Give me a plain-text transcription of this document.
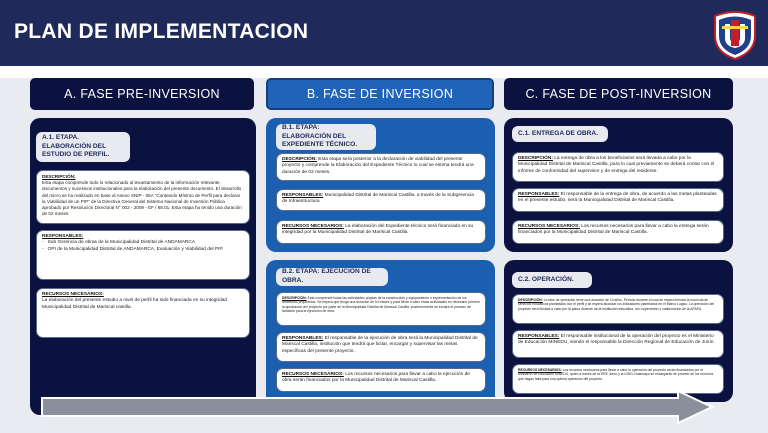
PLAN DE IMPLEMENTACION
A. FASE PRE-INVERSION	B. FASE DE INVERSION	C. FASE DE POST-INVERSION
A.1. ETAPA. ELABORACIÓN DEL ESTUDIO DE PERFIL.
DESCRIPCIÓN:
Esta etapa comprende todo lo relacionado al levantamiento de la información relevante, documentos y sucesivos institucionales para la elaboración del presente documento. El desarrollo del micro se ha realizado en base al Anexo SNIP - 05A "Contenido Mínimo de Perfil para declarar la Viabilidad de un PIP" de la Directiva General del Sistema Nacional de Inversión Pública aprobado por Resolución Directoral N° 002 - 2009 - EF / 68.01. Esta etapa ha tenido una duración de 02 meses.
RESPONSABLES:
- Sub Gerencia de obras de la Municipalidad Distrital de ANDAMARCA
- OPI de la Municipalidad Distrital de ANDAMARCA, Evaluación y Viabilidad del PIP.
RECURSOS NECESARIOS:
La elaboración del presente estudio a nivel de perfil ha sido financiada en su integridad Municipalidad Distrital de Mariscal castilla.
B.1. ETAPA: ELABORACIÓN DEL EXPEDIENTE TÉCNICO.
DESCRIPCIÓN: Esta etapa será posterior a la declaración de viabilidad del presente proyecto y comprende la Elaboración del Expediente Técnico lo cual se estima tendrá una duración de 02 meses.
RESPONSABLES: Municipalidad Distrital de Mariscal Castilla, a través de la Subgerencia de Infraestructura
RECURSOS NECESARIOS: La elaboración del Expediente técnico será financiado en su integridad por la Municipalidad Distrital de Mariscal Castilla.
B.2. ETAPA: EJECUCIÓN DE OBRA.
DESCRIPCIÓN: Esta comprende todas las actividades propias de la construcción y equipamiento e implementación de los ambientes propuestos. Se espera que tenga una duración de 04 meses y para llevar a cabo estas actividades es necesario primero la aprobación del proyecto por parte de la Municipalidad Distrital de Mariscal Castilla, posteriormente se iniciara el proceso de licitación para la ejecución de obra.
RESPONSABLES: El responsable de la ejecución de obra será la Municipalidad Distrital de Mariscal Castilla, institución que tendrá que licitar, encargar y supervisar las metas específicas del presente proyecto.
RECURSOS NECESARIOS: Los recursos necesarios para llevar a cabo la ejecución de obra serán financiados por la Municipalidad Distrital de Mariscal Castilla.
C.1. ENTREGA DE OBRA.
DESCRIPCIÓN: La entrega de obra a los beneficiarios será llevada a cabo por la Municipalidad Distrital de Mariscal Castilla, para lo cual previamente se deberá contar con el informe de conformidad del supervisor y de entrega del residente.
RESPONSABLES: El responsable de la entrega de obra, de acuerdo a las metas planteadas en el presente estudio, será la Municipalidad Distrital de Mariscal Castilla.
RECURSOS NECESARIOS: Los recursos necesarios para llevar a cabo la entrega serán financiados por la Municipalidad Distrital de Mariscal Castilla.
C.2. OPERACIÓN.
DESCRIPCIÓN: La fase de operación tiene una duración de 10 años. Periodo durante el cual se espera brindar la currícula de servicios educativos planteados con el perfil y se espera alcanzar los indicadores planteados en el Marco Lógico. La operación del proyecto será llevada a cabo por la plana docente de la Institución educativa, con supervisión y colaboración de la APAFA.
RESPONSABLES: El responsable institucional de la operación del proyecto es el Ministerio de Educación MINEDU, siendo el responsable la Dirección Regional de Educación de Junín.
RECURSOS NECESARIOS: Los recursos necesarios para llevar a cabo la operación del proyecto serán financiados por el Ministerio de Educación MINEDU, quien a través de la DRE Junín y la UGEL Huancayo se encargarán de proveer de los recursos que hagan falta para una óptima operación del proyecto.
